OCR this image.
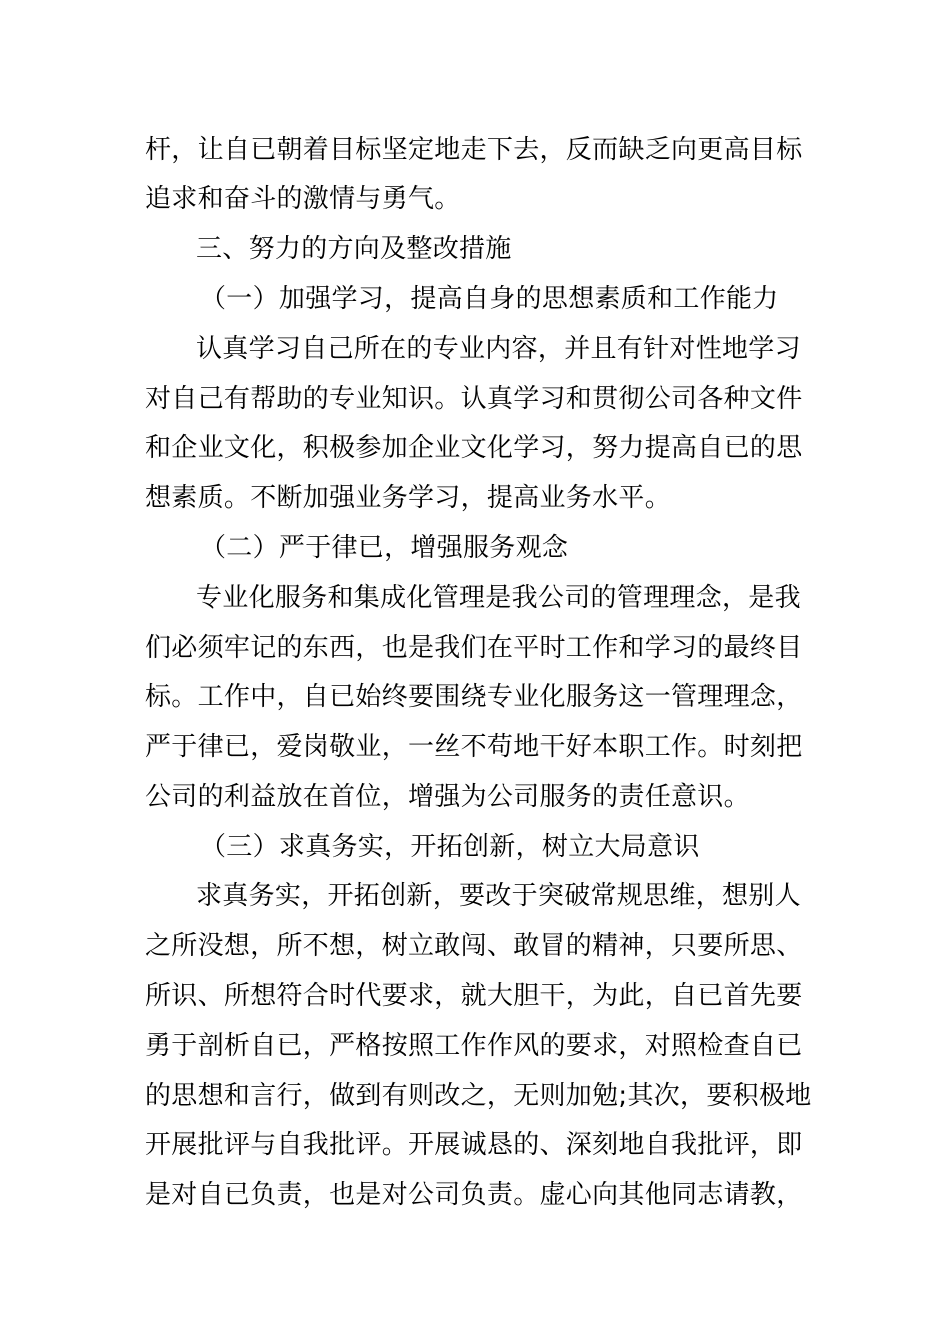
杆，让自已朝着目标坚定地走下去，反而缺乏向更高目标
追求和奋斗的激情与勇气。
三、努力的方向及整改措施
（一）加强学习，提高自身的思想素质和工作能力
认真学习自己所在的专业内容，并且有针对性地学习
对自己有帮助的专业知识。认真学习和贯彻公司各种文件
和企业文化，积极参加企业文化学习，努力提高自已的思
想素质。不断加强业务学习，提高业务水平。
（二）严于律已，增强服务观念
专业化服务和集成化管理是我公司的管理理念，是我
们必须牢记的东西，也是我们在平时工作和学习的最终目
标。工作中，自已始终要围绕专业化服务这一管理理念，
严于律已，爱岗敬业，一丝不苟地干好本职工作。时刻把
公司的利益放在首位，增强为公司服务的责任意识。
（三）求真务实，开拓创新，树立大局意识
求真务实，开拓创新，要改于突破常规思维，想别人
之所没想，所不想，树立敢闯、敢冒的精神，只要所思、
所识、所想符合时代要求，就大胆干，为此，自已首先要
勇于剖析自已，严格按照工作作风的要求，对照检查自已
的思想和言行，做到有则改之，无则加勉;其次，要积极地
开展批评与自我批评。开展诚恳的、深刻地自我批评，即
是对自已负责，也是对公司负责。虚心向其他同志请教，
